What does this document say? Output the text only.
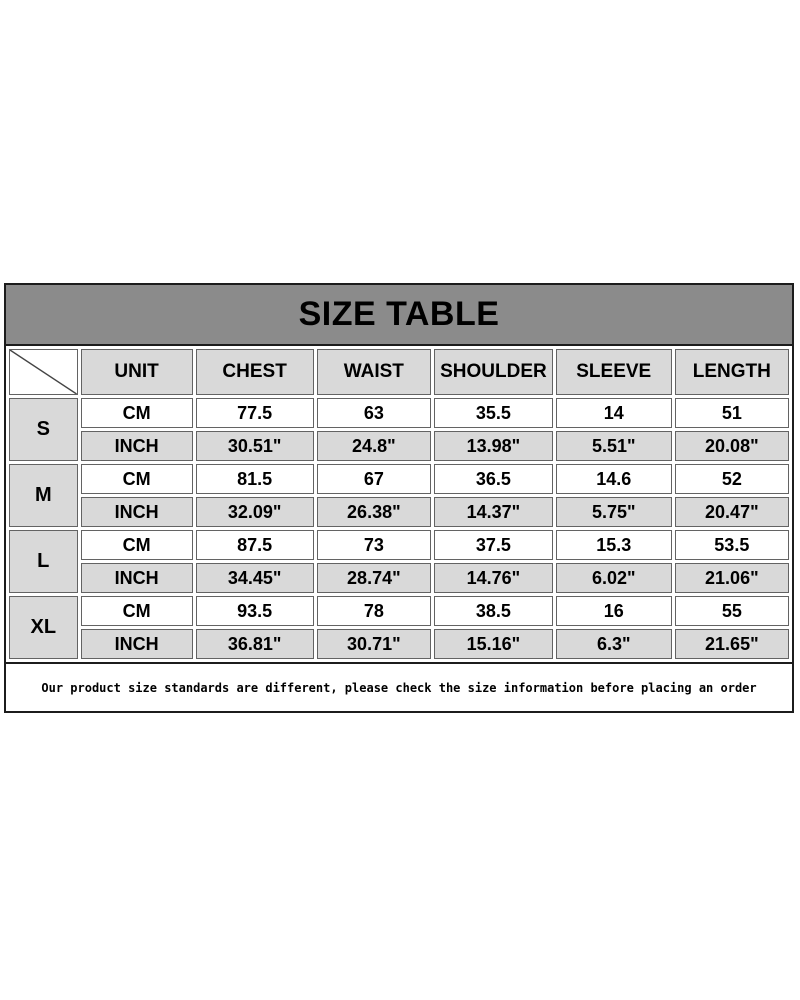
SIZE TABLE
	UNIT	CHEST	WAIST	SHOULDER	SLEEVE	LENGTH
S	CM	77.5	63	35.5	14	51
	INCH	30.51"	24.8"	13.98"	5.51"	20.08"
M	CM	81.5	67	36.5	14.6	52
	INCH	32.09"	26.38"	14.37"	5.75"	20.47"
L	CM	87.5	73	37.5	15.3	53.5
	INCH	34.45"	28.74"	14.76"	6.02"	21.06"
XL	CM	93.5	78	38.5	16	55
	INCH	36.81"	30.71"	15.16"	6.3"	21.65"
Our product size standards are different, please check the size information before placing an order
